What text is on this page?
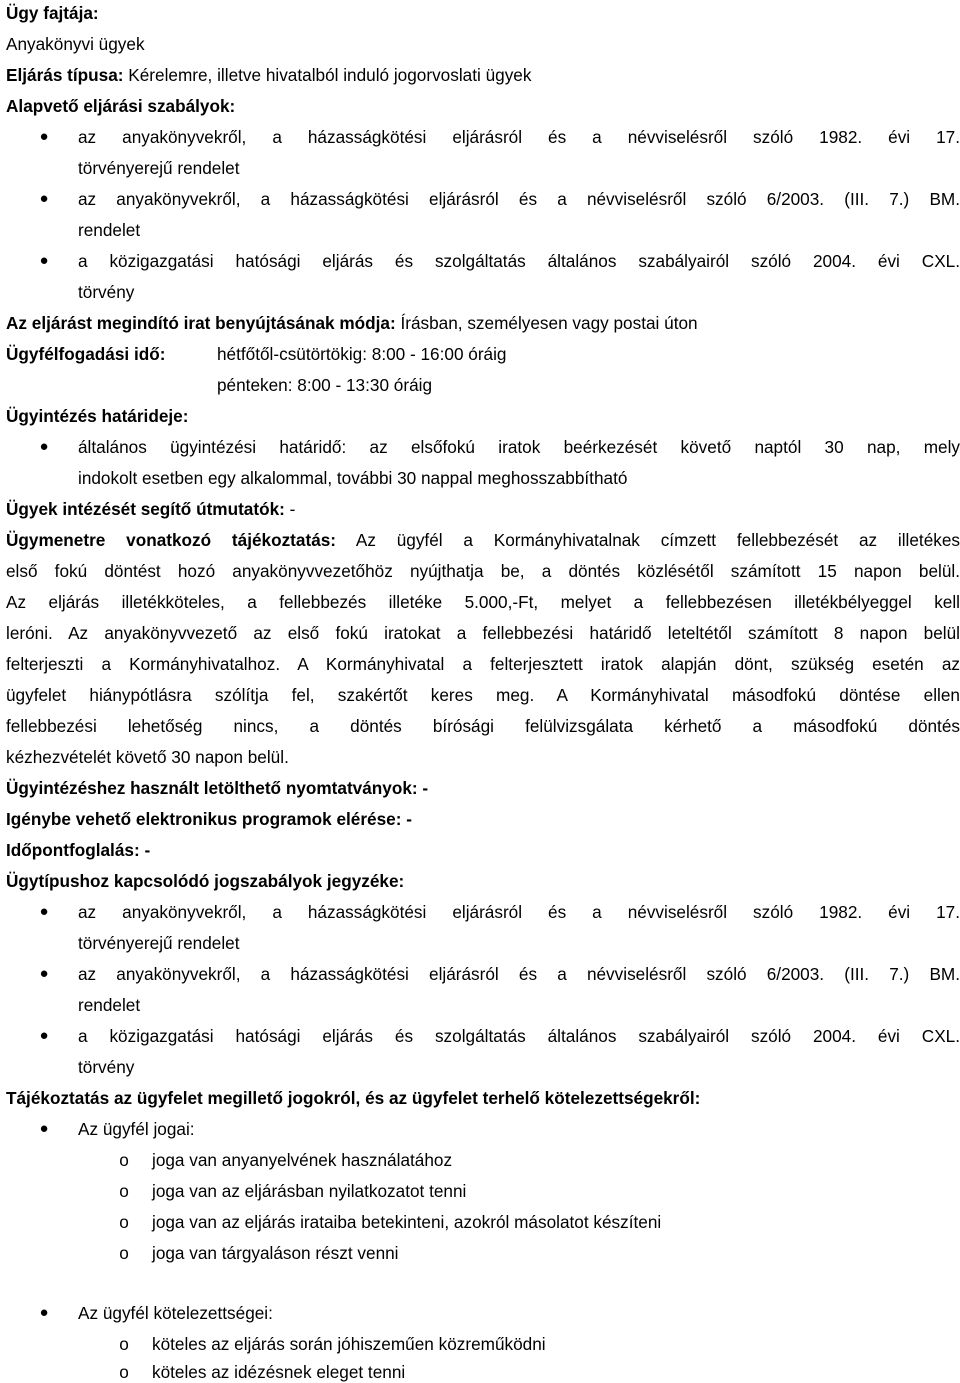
Ügy fajtája:
Anyakönyvi ügyek
Eljárás típusa: Kérelemre, illetve hivatalból induló jogorvoslati ügyek
Alapvető eljárási szabályok:
● az anyakönyvekről, a házasságkötési eljárásról és a névviselésről szóló 1982. évi 17.
törvényerejű rendelet
● az anyakönyvekről, a házasságkötési eljárásról és a névviselésről szóló 6/2003. (III. 7.) BM.
rendelet
● a közigazgatási hatósági eljárás és szolgáltatás általános szabályairól szóló 2004. évi CXL.
törvény
Az eljárást megindító irat benyújtásának módja: Írásban, személyesen vagy postai úton
Ügyfélfogadási idő:	hétfőtől-csütörtökig: 8:00 - 16:00 óráig
pénteken: 8:00 - 13:30 óráig
Ügyintézés határideje:
● általános ügyintézési határidő: az elsőfokú iratok beérkezését követő naptól 30 nap, mely
indokolt esetben egy alkalommal, további 30 nappal meghosszabbítható
Ügyek intézését segítő útmutatók: -
Ügymenetre vonatkozó tájékoztatás: Az ügyfél a Kormányhivatalnak címzett fellebbezését az illetékes
első fokú döntést hozó anyakönyvvezetőhöz nyújthatja be, a döntés közlésétől számított 15 napon belül.
Az eljárás illetékköteles, a fellebbezés illetéke 5.000,-Ft, melyet a fellebbezésen illetékbélyeggel kell
leróni. Az anyakönyvvezető az első fokú iratokat a fellebbezési határidő leteltétől számított 8 napon belül
felterjeszti a Kormányhivatalhoz. A Kormányhivatal a felterjesztett iratok alapján dönt, szükség esetén az
ügyfelet hiánypótlásra szólítja fel, szakértőt keres meg. A Kormányhivatal másodfokú döntése ellen
fellebbezési lehetőség nincs, a döntés bírósági felülvizsgálata kérhető a másodfokú döntés
kézhezvételét követő 30 napon belül.
Ügyintézéshez használt letölthető nyomtatványok: -
Igénybe vehető elektronikus programok elérése: -
Időpontfoglalás: -
Ügytípushoz kapcsolódó jogszabályok jegyzéke:
● az anyakönyvekről, a házasságkötési eljárásról és a névviselésről szóló 1982. évi 17.
törvényerejű rendelet
● az anyakönyvekről, a házasságkötési eljárásról és a névviselésről szóló 6/2003. (III. 7.) BM.
rendelet
● a közigazgatási hatósági eljárás és szolgáltatás általános szabályairól szóló 2004. évi CXL.
törvény
Tájékoztatás az ügyfelet megillető jogokról, és az ügyfelet terhelő kötelezettségekről:
● Az ügyfél jogai:
o joga van anyanyelvének használatához
o joga van az eljárásban nyilatkozatot tenni
o joga van az eljárás irataiba betekinteni, azokról másolatot készíteni
o joga van tárgyaláson részt venni
● Az ügyfél kötelezettségei:
o köteles az eljárás során jóhiszeműen közreműködni
o köteles az idézésnek eleget tenni
